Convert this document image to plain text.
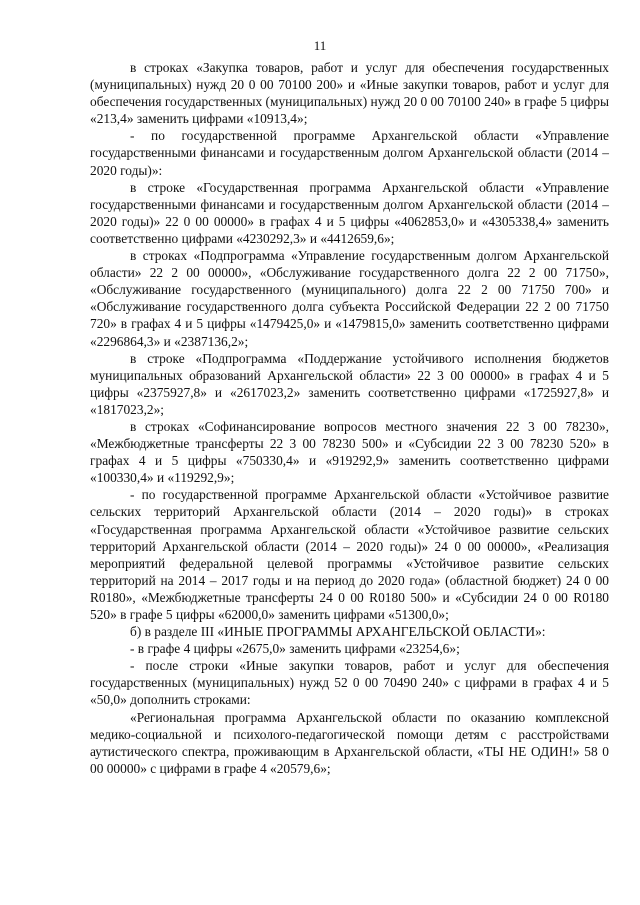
11

в строках «Закупка товаров, работ и услуг для обеспечения государственных (муниципальных) нужд 20 0 00 70100 200» и «Иные закупки товаров, работ и услуг для обеспечения государственных (муниципальных) нужд 20 0 00 70100 240» в графе 5 цифры «213,4» заменить цифрами «10913,4»;

- по государственной программе Архангельской области «Управление государственными финансами и государственным долгом Архангельской области (2014 – 2020 годы)»:

в строке «Государственная программа Архангельской области «Управление государственными финансами и государственным долгом Архангельской области (2014 – 2020 годы)» 22 0 00 00000» в графах 4 и 5 цифры «4062853,0» и «4305338,4» заменить соответственно цифрами «4230292,3» и «4412659,6»;

в строках «Подпрограмма «Управление государственным долгом Архангельской области» 22 2 00 00000», «Обслуживание государственного долга 22 2 00 71750», «Обслуживание государственного (муниципального) долга 22 2 00 71750 700» и «Обслуживание государственного долга субъекта Российской Федерации 22 2 00 71750 720» в графах 4 и 5 цифры «1479425,0» и «1479815,0» заменить соответственно цифрами «2296864,3» и «2387136,2»;

в строке «Подпрограмма «Поддержание устойчивого исполнения бюджетов муниципальных образований Архангельской области» 22 3 00 00000» в графах 4 и 5 цифры «2375927,8» и «2617023,2» заменить соответственно цифрами «1725927,8» и «1817023,2»;

в строках «Софинансирование вопросов местного значения 22 3 00 78230», «Межбюджетные трансферты 22 3 00 78230 500» и «Субсидии 22 3 00 78230 520» в графах 4 и 5 цифры «750330,4» и «919292,9» заменить соответственно цифрами «100330,4» и «119292,9»;

- по государственной программе Архангельской области «Устойчивое развитие сельских территорий Архангельской области (2014 – 2020 годы)» в строках «Государственная программа Архангельской области «Устойчивое развитие сельских территорий Архангельской области (2014 – 2020 годы)» 24 0 00 00000», «Реализация мероприятий федеральной целевой программы «Устойчивое развитие сельских территорий на 2014 – 2017 годы и на период до 2020 года» (областной бюджет) 24 0 00 R0180», «Межбюджетные трансферты 24 0 00 R0180 500» и «Субсидии 24 0 00 R0180 520» в графе 5 цифры «62000,0» заменить цифрами «51300,0»;

б) в разделе III «ИНЫЕ ПРОГРАММЫ АРХАНГЕЛЬСКОЙ ОБЛАСТИ»:

- в графе 4 цифры «2675,0» заменить цифрами «23254,6»;

- после строки «Иные закупки товаров, работ и услуг для обеспечения государственных (муниципальных) нужд 52 0 00 70490 240» с цифрами в графах 4 и 5 «50,0» дополнить строками:

«Региональная программа Архангельской области по оказанию комплексной медико-социальной и психолого-педагогической помощи детям с расстройствами аутистического спектра, проживающим в Архангельской области, «ТЫ НЕ ОДИН!» 58 0 00 00000» с цифрами в графе 4 «20579,6»;
